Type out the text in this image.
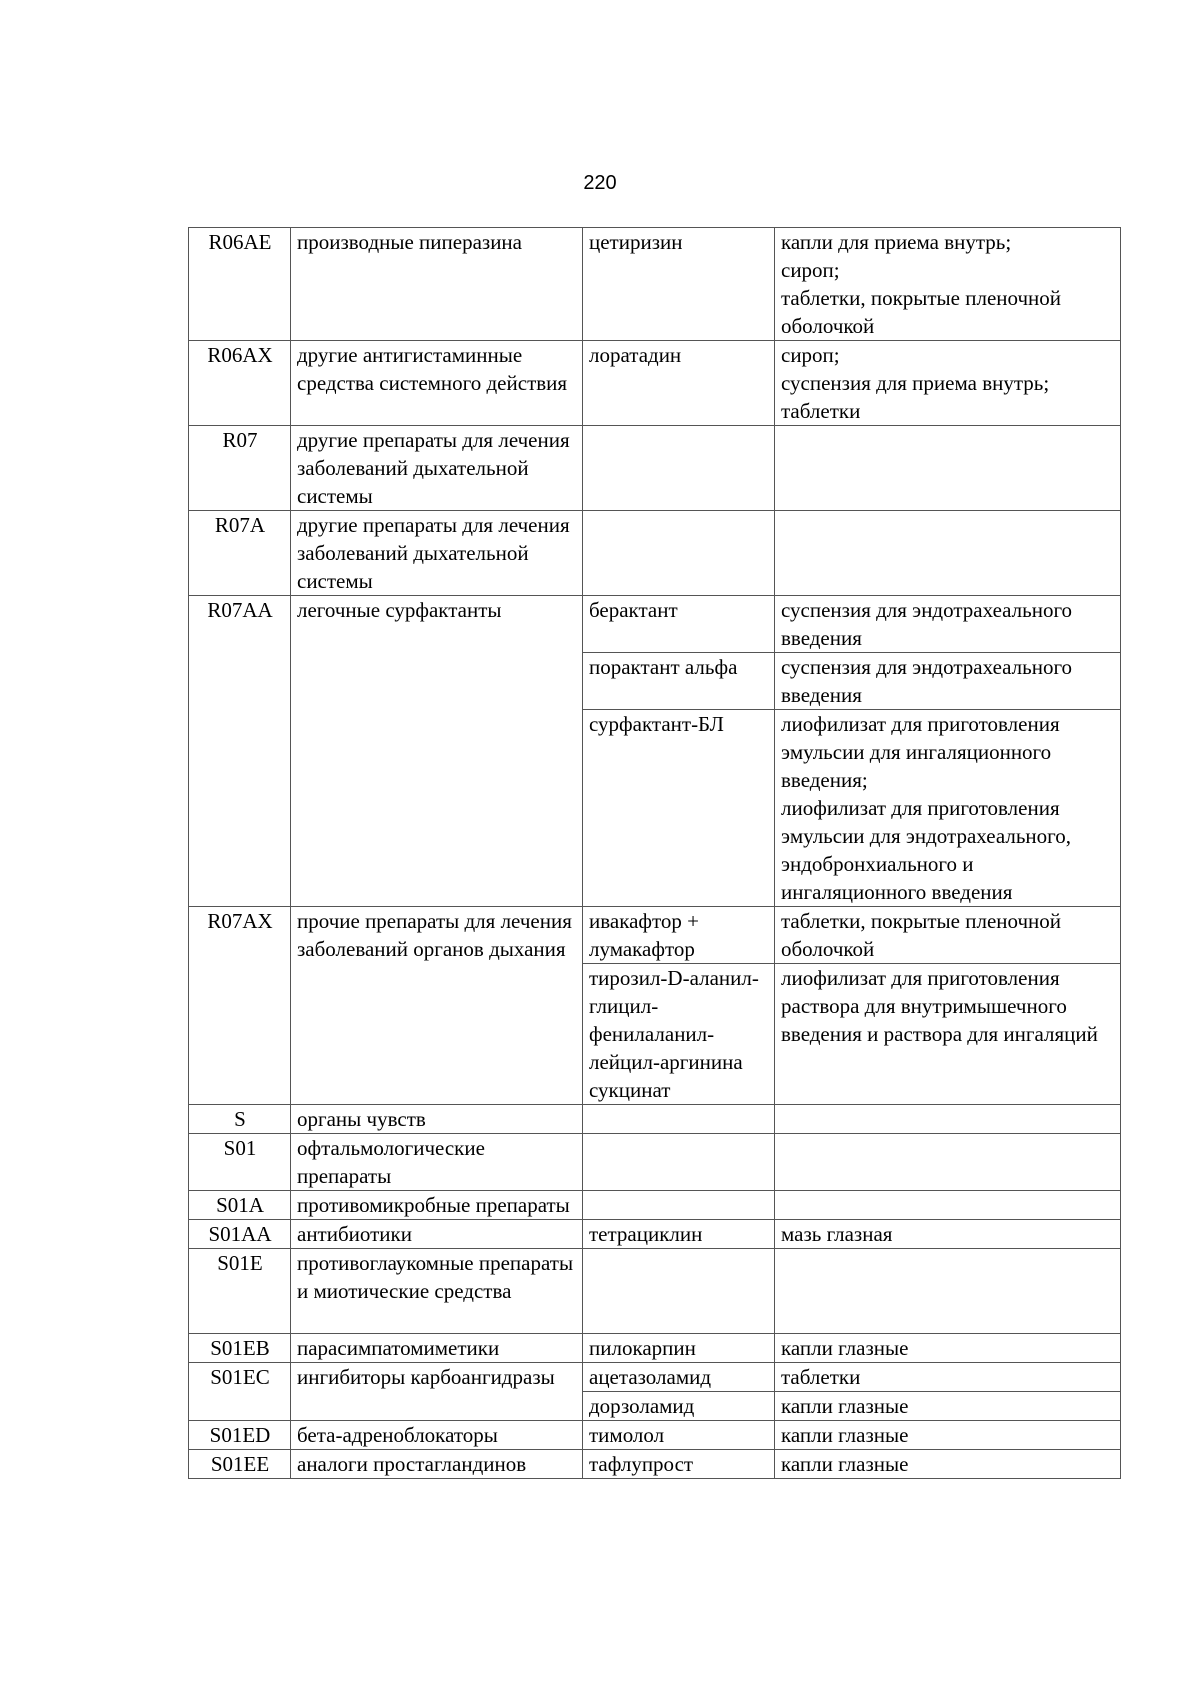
220
R06AE	производные пиперазина	цетиризин	капли для приема внутрь;
сироп;
таблетки, покрытые пленочной оболочкой
R06AX	другие антигистаминные средства системного действия	лоратадин	сироп;
суспензия для приема внутрь;
таблетки
R07	другие препараты для лечения
заболеваний дыхательной системы		
R07A	другие препараты для лечения заболеваний дыхательной системы		
R07AA	легочные сурфактанты	берактант	суспензия для эндотрахеального введения
		порактант альфа	суспензия для эндотрахеального введения
		сурфактант-БЛ	лиофилизат для приготовления эмульсии для ингаляционного введения;
лиофилизат для приготовления эмульсии для эндотрахеального, эндобронхиального и ингаляционного введения
R07AX	прочие препараты для лечения заболеваний органов дыхания	ивакафтор + лумакафтор	таблетки, покрытые пленочной оболочкой
		тирозил-D-аланил-глицил-фенилаланил-лейцил-аргинина сукцинат	лиофилизат для приготовления раствора для внутримышечного введения и раствора для ингаляций
S	органы чувств		
S01	офтальмологические препараты		
S01A	противомикробные препараты		
S01AA	антибиотики	тетрациклин	мазь глазная
S01E	противоглаукомные препараты и миотические средства		
S01EB	парасимпатомиметики	пилокарпин	капли глазные
S01EC	ингибиторы карбоангидразы	ацетазоламид	таблетки
		дорзоламид	капли глазные
S01ED	бета-адреноблокаторы	тимолол	капли глазные
S01EE	аналоги простагландинов	тафлупрост	капли глазные
